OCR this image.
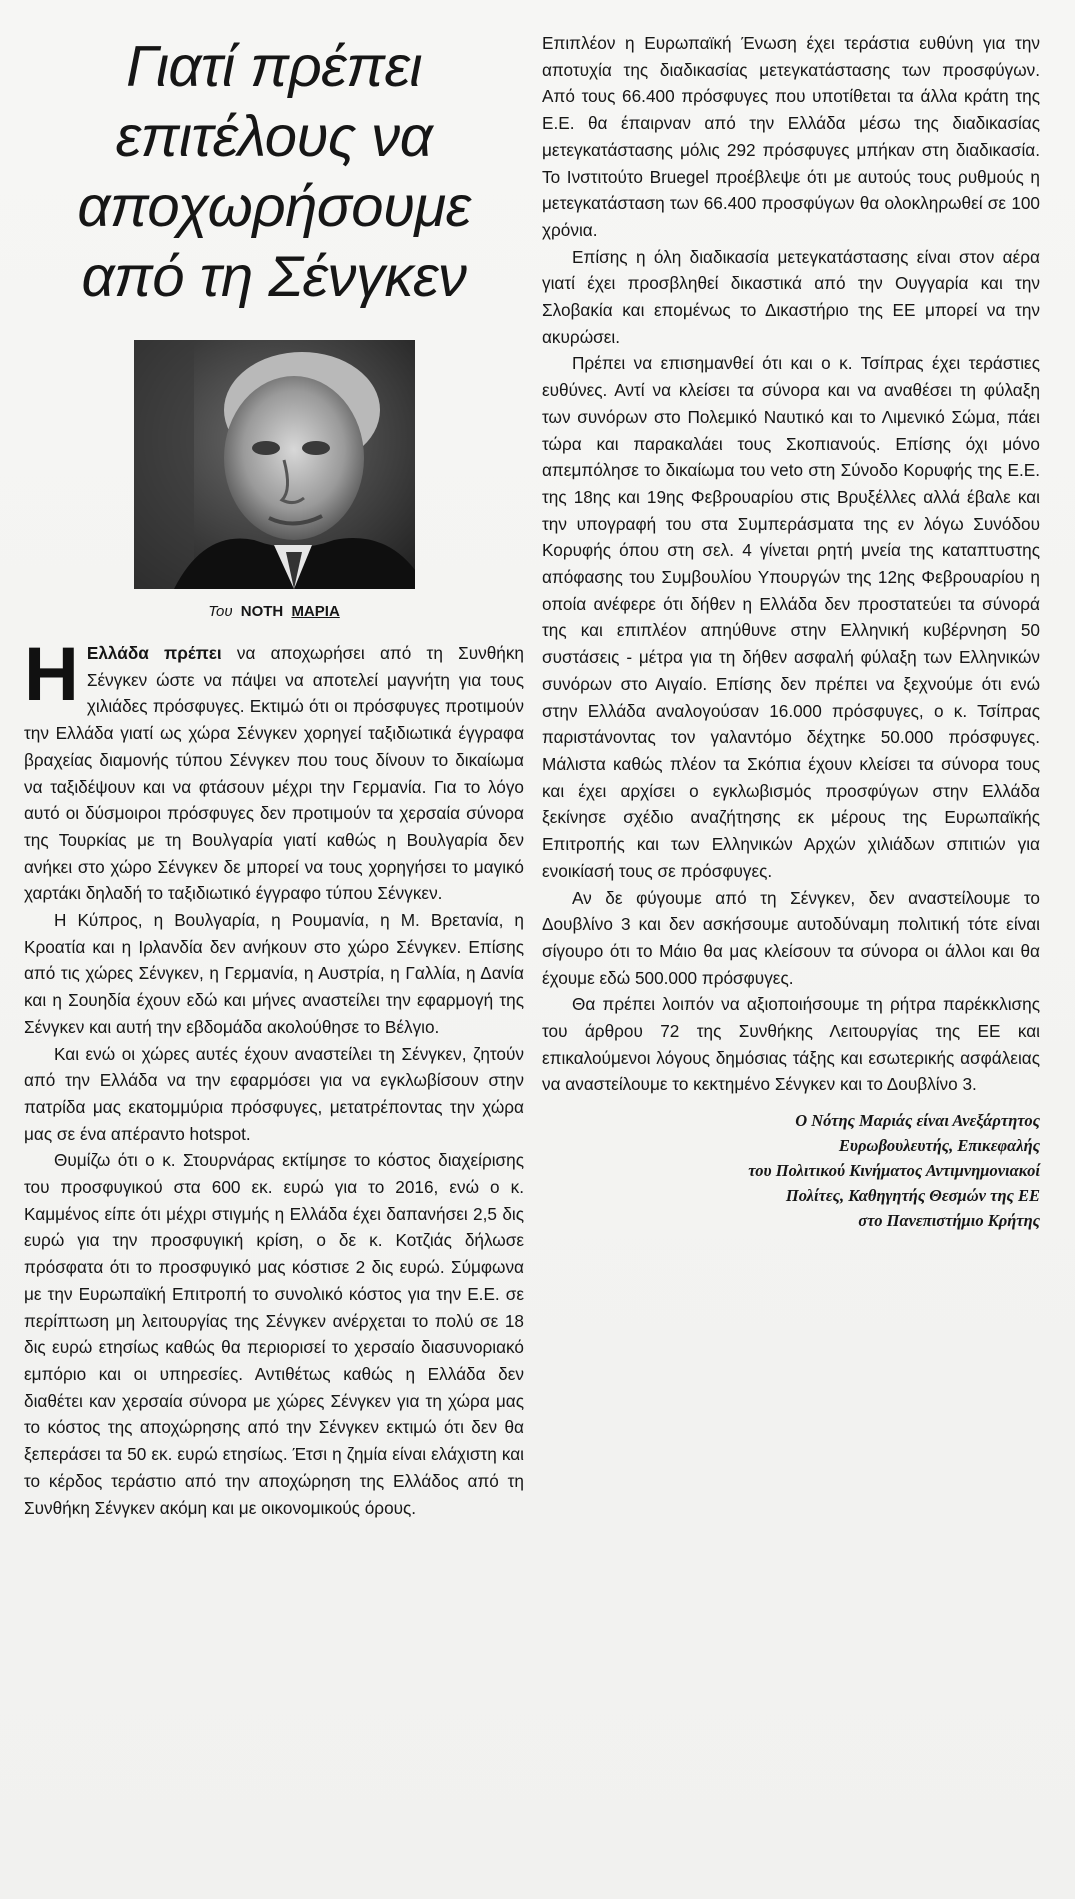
Γιατί πρέπει
επιτέλους να
αποχωρήσουμε
από τη Σένγκεν
Του ΝΟΤΗ ΜΑΡΙΑ

Η Ελλάδα πρέπει να αποχωρήσει από τη Συνθήκη Σένγκεν ώστε να πάψει να αποτελεί μαγνήτη για τους χιλιάδες πρόσφυγες. Εκτιμώ ότι οι πρόσφυγες προτιμούν την Ελλάδα γιατί ως χώρα Σένγκεν χορηγεί ταξιδιωτικά έγγραφα βραχείας διαμονής τύπου Σένγκεν που τους δίνουν το δικαίωμα να ταξιδέψουν και να φτάσουν μέχρι την Γερμανία. Για το λόγο αυτό οι δύσμοιροι πρόσφυγες δεν προτιμούν τα χερσαία σύνορα της Τουρκίας με τη Βουλγαρία γιατί καθώς η Βουλγαρία δεν ανήκει στο χώρο Σένγκεν δε μπορεί να τους χορηγήσει το μαγικό χαρτάκι δηλαδή το ταξιδιωτικό έγγραφο τύπου Σένγκεν.

Η Κύπρος, η Βουλγαρία, η Ρουμανία, η Μ. Βρετανία, η Κροατία και η Ιρλανδία δεν ανήκουν στο χώρο Σένγκεν. Επίσης από τις χώρες Σένγκεν, η Γερμανία, η Αυστρία, η Γαλλία, η Δανία και η Σουηδία έχουν εδώ και μήνες αναστείλει την εφαρμογή της Σένγκεν και αυτή την εβδομάδα ακολούθησε το Βέλγιο.

Και ενώ οι χώρες αυτές έχουν αναστείλει τη Σένγκεν, ζητούν από την Ελλάδα να την εφαρμόσει για να εγκλωβίσουν στην πατρίδα μας εκατομμύρια πρόσφυγες, μετατρέποντας την χώρα μας σε ένα απέραντο hotspot.

Θυμίζω ότι ο κ. Στουρνάρας εκτίμησε το κόστος διαχείρισης του προσφυγικού στα 600 εκ. ευρώ για το 2016, ενώ ο κ. Καμμένος είπε ότι μέχρι στιγμής η Ελλάδα έχει δαπανήσει 2,5 δις ευρώ για την προσφυγική κρίση, ο δε κ. Κοτζιάς δήλωσε πρόσφατα ότι το προσφυγικό μας κόστισε 2 δις ευρώ. Σύμφωνα με την Ευρωπαϊκή Επιτροπή το συνολικό κόστος για την Ε.Ε. σε περίπτωση μη λειτουργίας της Σένγκεν ανέρχεται το πολύ σε 18 δις ευρώ ετησίως καθώς θα περιορισεί το χερσαίο διασυνοριακό εμπόριο και οι υπηρεσίες. Αντιθέτως καθώς η Ελλάδα δεν διαθέτει καν χερσαία σύνορα με χώρες Σένγκεν για τη χώρα μας το κόστος της αποχώρησης από την Σένγκεν εκτιμώ ότι δεν θα ξεπεράσει τα 50 εκ. ευρώ ετησίως. Έτσι η ζημία είναι ελάχιστη και το κέρδος τεράστιο από την αποχώρηση της Ελλάδος από τη Συνθήκη Σένγκεν ακόμη και με οικονομικούς όρους.

Επιπλέον η Ευρωπαϊκή Ένωση έχει τεράστια ευθύνη για την αποτυχία της διαδικασίας μετεγκατάστασης των προσφύγων. Από τους 66.400 πρόσφυγες που υποτίθεται τα άλλα κράτη της Ε.Ε. θα έπαιρναν από την Ελλάδα μέσω της διαδικασίας μετεγκατάστασης μόλις 292 πρόσφυγες μπήκαν στη διαδικασία. Το Ινστιτούτο Bruegel προέβλεψε ότι με αυτούς τους ρυθμούς η μετεγκατάσταση των 66.400 προσφύγων θα ολοκληρωθεί σε 100 χρόνια.

Επίσης η όλη διαδικασία μετεγκατάστασης είναι στον αέρα γιατί έχει προσβληθεί δικαστικά από την Ουγγαρία και την Σλοβακία και επομένως το Δικαστήριο της ΕΕ μπορεί να την ακυρώσει.

Πρέπει να επισημανθεί ότι και ο κ. Τσίπρας έχει τεράστιες ευθύνες. Αντί να κλείσει τα σύνορα και να αναθέσει τη φύλαξη των συνόρων στο Πολεμικό Ναυτικό και το Λιμενικό Σώμα, πάει τώρα και παρακαλάει τους Σκοπιανούς. Επίσης όχι μόνο απεμπόλησε το δικαίωμα του veto στη Σύνοδο Κορυφής της Ε.Ε. της 18ης και 19ης Φεβρουαρίου στις Βρυξέλλες αλλά έβαλε και την υπογραφή του στα Συμπεράσματα της εν λόγω Συνόδου Κορυφής όπου στη σελ. 4 γίνεται ρητή μνεία της καταπτυστης απόφασης του Συμβουλίου Υπουργών της 12ης Φεβρουαρίου η οποία ανέφερε ότι δήθεν η Ελλάδα δεν προστατεύει τα σύνορά της και επιπλέον απηύθυνε στην Ελληνική κυβέρνηση 50 συστάσεις - μέτρα για τη δήθεν ασφαλή φύλαξη των Ελληνικών συνόρων στο Αιγαίο. Επίσης δεν πρέπει να ξεχνούμε ότι ενώ στην Ελλάδα αναλογούσαν 16.000 πρόσφυγες, ο κ. Τσίπρας παριστάνοντας τον γαλαντόμο δέχτηκε 50.000 πρόσφυγες. Μάλιστα καθώς πλέον τα Σκόπια έχουν κλείσει τα σύνορα τους και έχει αρχίσει ο εγκλωβισμός προσφύγων στην Ελλάδα ξεκίνησε σχέδιο αναζήτησης εκ μέρους της Ευρωπαϊκής Επιτροπής και των Ελληνικών Αρχών χιλιάδων σπιτιών για ενοικίασή τους σε πρόσφυγες.

Αν δε φύγουμε από τη Σένγκεν, δεν αναστείλουμε το Δουβλίνο 3 και δεν ασκήσουμε αυτοδύναμη πολιτική τότε είναι σίγουρο ότι το Μάιο θα μας κλείσουν τα σύνορα οι άλλοι και θα έχουμε εδώ 500.000 πρόσφυγες.

Θα πρέπει λοιπόν να αξιοποιήσουμε τη ρήτρα παρέκκλισης του άρθρου 72 της Συνθήκης Λειτουργίας της ΕΕ και επικαλούμενοι λόγους δημόσιας τάξης και εσωτερικής ασφάλειας να αναστείλουμε το κεκτημένο Σένγκεν και το Δουβλίνο 3.

Ο Νότης Μαριάς είναι Ανεξάρτητος
Ευρωβουλευτής, Επικεφαλής
του Πολιτικού Κινήματος Αντιμνημονιακοί
Πολίτες, Καθηγητής Θεσμών της ΕΕ
στο Πανεπιστήμιο Κρήτης
